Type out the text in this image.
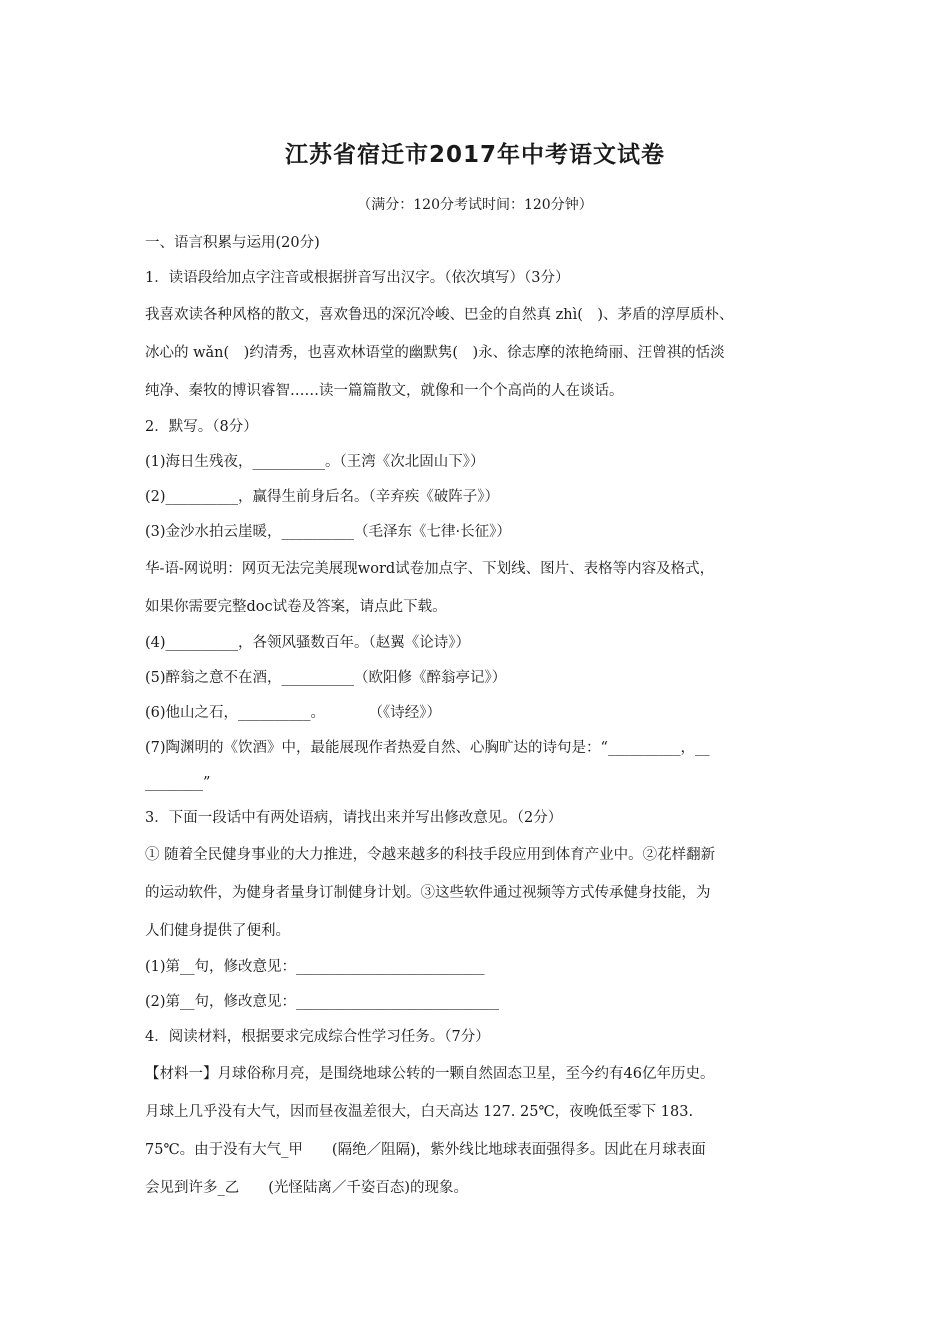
江苏省宿迁市2017年中考语文试卷
（满分：120分考试时间：120分钟）

一、语言积累与运用(20分)

1．读语段给加点字注音或根据拼音写出汉字。（依次填写）（3分）

我喜欢读各种风格的散文，喜欢鲁迅的深沉冷峻、巴金的自然真 zhì(　)、茅盾的淳厚质朴、

冰心的 wǎn(　)约清秀，也喜欢林语堂的幽默隽(　)永、徐志摩的浓艳绮丽、汪曾祺的恬淡

纯净、秦牧的博识睿智……读一篇篇散文，就像和一个个高尚的人在谈话。

2．默写。（8分）

(1)海日生残夜，__________。（王湾《次北固山下》）

(2)__________，赢得生前身后名。（辛弃疾《破阵子》）

(3)金沙水拍云崖暖，__________（毛泽东《七律·长征》）

华-语-网说明：网页无法完美展现word试卷加点字、下划线、图片、表格等内容及格式，

如果你需要完整doc试卷及答案，请点此下载。

(4)__________，各领风骚数百年。（赵翼《论诗》）

(5)醉翁之意不在酒，__________（欧阳修《醉翁亭记》）

(6)他山之石，__________。　　　　（《诗经》）

(7)陶渊明的《饮酒》中，最能展现作者热爱自然、心胸旷达的诗句是：“__________，__

________”

3．下面一段话中有两处语病，请找出来并写出修改意见。（2分）

① 随着全民健身事业的大力推进，令越来越多的科技手段应用到体育产业中。②花样翻新

的运动软件，为健身者量身订制健身计划。③这些软件通过视频等方式传承健身技能，为

人们健身提供了便利。

(1)第__句，修改意见：__________________________

(2)第__句，修改意见：____________________________

4．阅读材料，根据要求完成综合性学习任务。（7分）

【材料一】月球俗称月亮，是围绕地球公转的一颗自然固态卫星，至今约有46亿年历史。

月球上几乎没有大气，因而昼夜温差很大，白天高达 127. 25℃，夜晚低至零下 183.

75℃。由于没有大气_甲　　(隔绝／阻隔)，紫外线比地球表面强得多。因此在月球表面

会见到许多_乙　　(光怪陆离／千姿百态)的现象。
